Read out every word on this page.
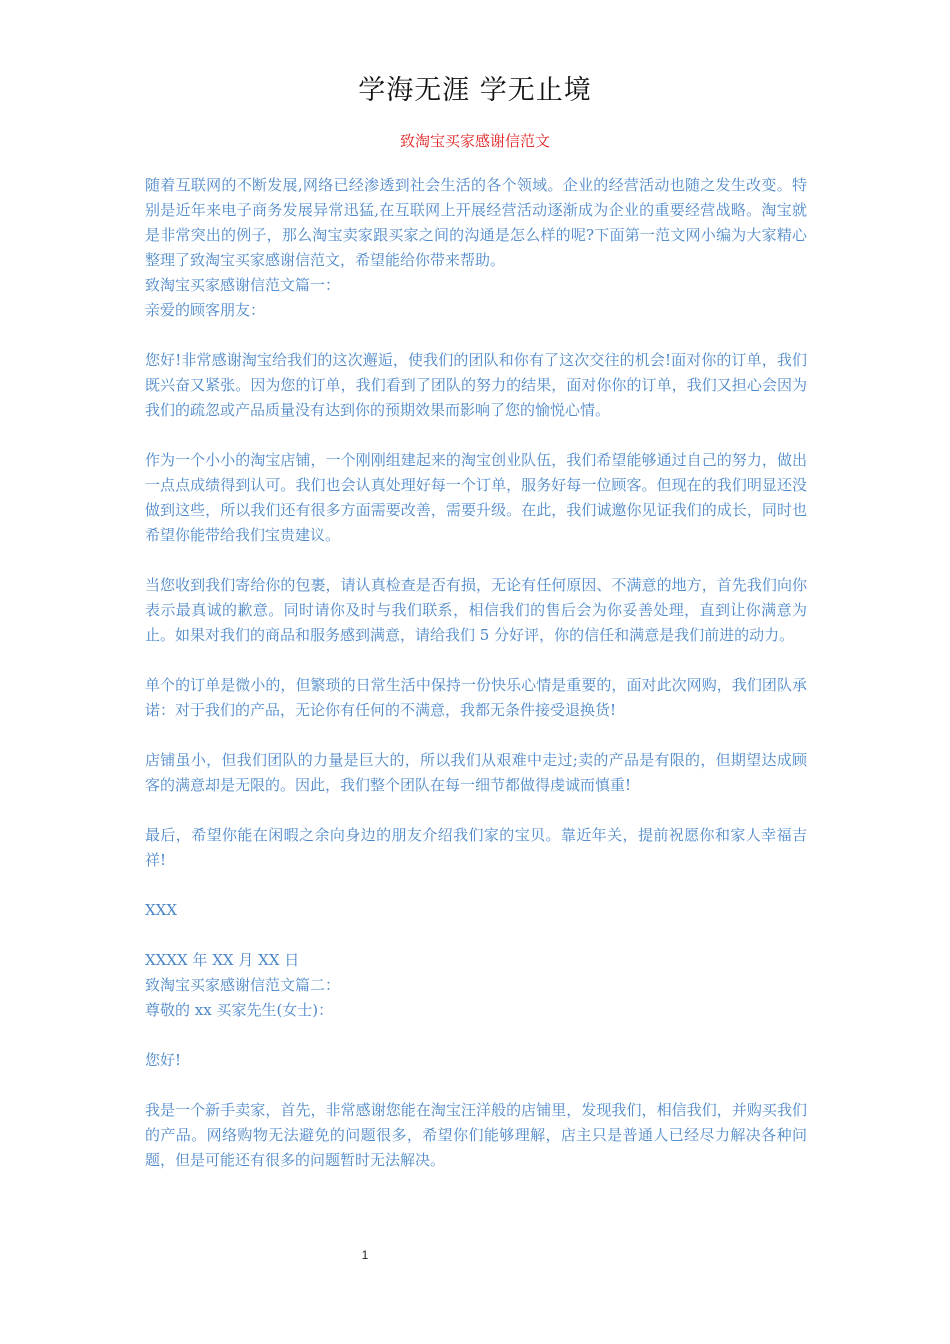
学海无涯 学无止境
致淘宝买家感谢信范文

随着互联网的不断发展,网络已经渗透到社会生活的各个领域。企业的经营活动也随之发生改变。特别是近年来电子商务发展异常迅猛,在互联网上开展经营活动逐渐成为企业的重要经营战略。淘宝就是非常突出的例子，那么淘宝卖家跟买家之间的沟通是怎么样的呢?下面第一范文网小编为大家精心整理了致淘宝买家感谢信范文，希望能给你带来帮助。

致淘宝买家感谢信范文篇一：

亲爱的顾客朋友：

您好!非常感谢淘宝给我们的这次邂逅，使我们的团队和你有了这次交往的机会!面对你的订单，我们既兴奋又紧张。因为您的订单，我们看到了团队的努力的结果，面对你你的订单，我们又担心会因为我们的疏忽或产品质量没有达到你的预期效果而影响了您的愉悦心情。

作为一个小小的淘宝店铺，一个刚刚组建起来的淘宝创业队伍，我们希望能够通过自己的努力，做出一点点成绩得到认可。我们也会认真处理好每一个订单，服务好每一位顾客。但现在的我们明显还没做到这些，所以我们还有很多方面需要改善，需要升级。在此，我们诚邀你见证我们的成长，同时也希望你能带给我们宝贵建议。

当您收到我们寄给你的包裹，请认真检查是否有损，无论有任何原因、不满意的地方，首先我们向你表示最真诚的歉意。同时请你及时与我们联系，相信我们的售后会为你妥善处理，直到让你满意为止。如果对我们的商品和服务感到满意，请给我们 5 分好评，你的信任和满意是我们前进的动力。

单个的订单是微小的，但繁琐的日常生活中保持一份快乐心情是重要的，面对此次网购，我们团队承诺：对于我们的产品，无论你有任何的不满意，我都无条件接受退换货!

店铺虽小，但我们团队的力量是巨大的，所以我们从艰难中走过;卖的产品是有限的，但期望达成顾客的满意却是无限的。因此，我们整个团队在每一细节都做得虔诚而慎重!

最后，希望你能在闲暇之余向身边的朋友介绍我们家的宝贝。靠近年关，提前祝愿你和家人幸福吉祥!

XXX

XXXX 年 XX 月 XX 日

致淘宝买家感谢信范文篇二：

尊敬的 xx 买家先生(女士)：

您好!

我是一个新手卖家，首先，非常感谢您能在淘宝汪洋般的店铺里，发现我们，相信我们，并购买我们的产品。网络购物无法避免的问题很多，希望你们能够理解，店主只是普通人已经尽力解决各种问题，但是可能还有很多的问题暂时无法解决。

1
